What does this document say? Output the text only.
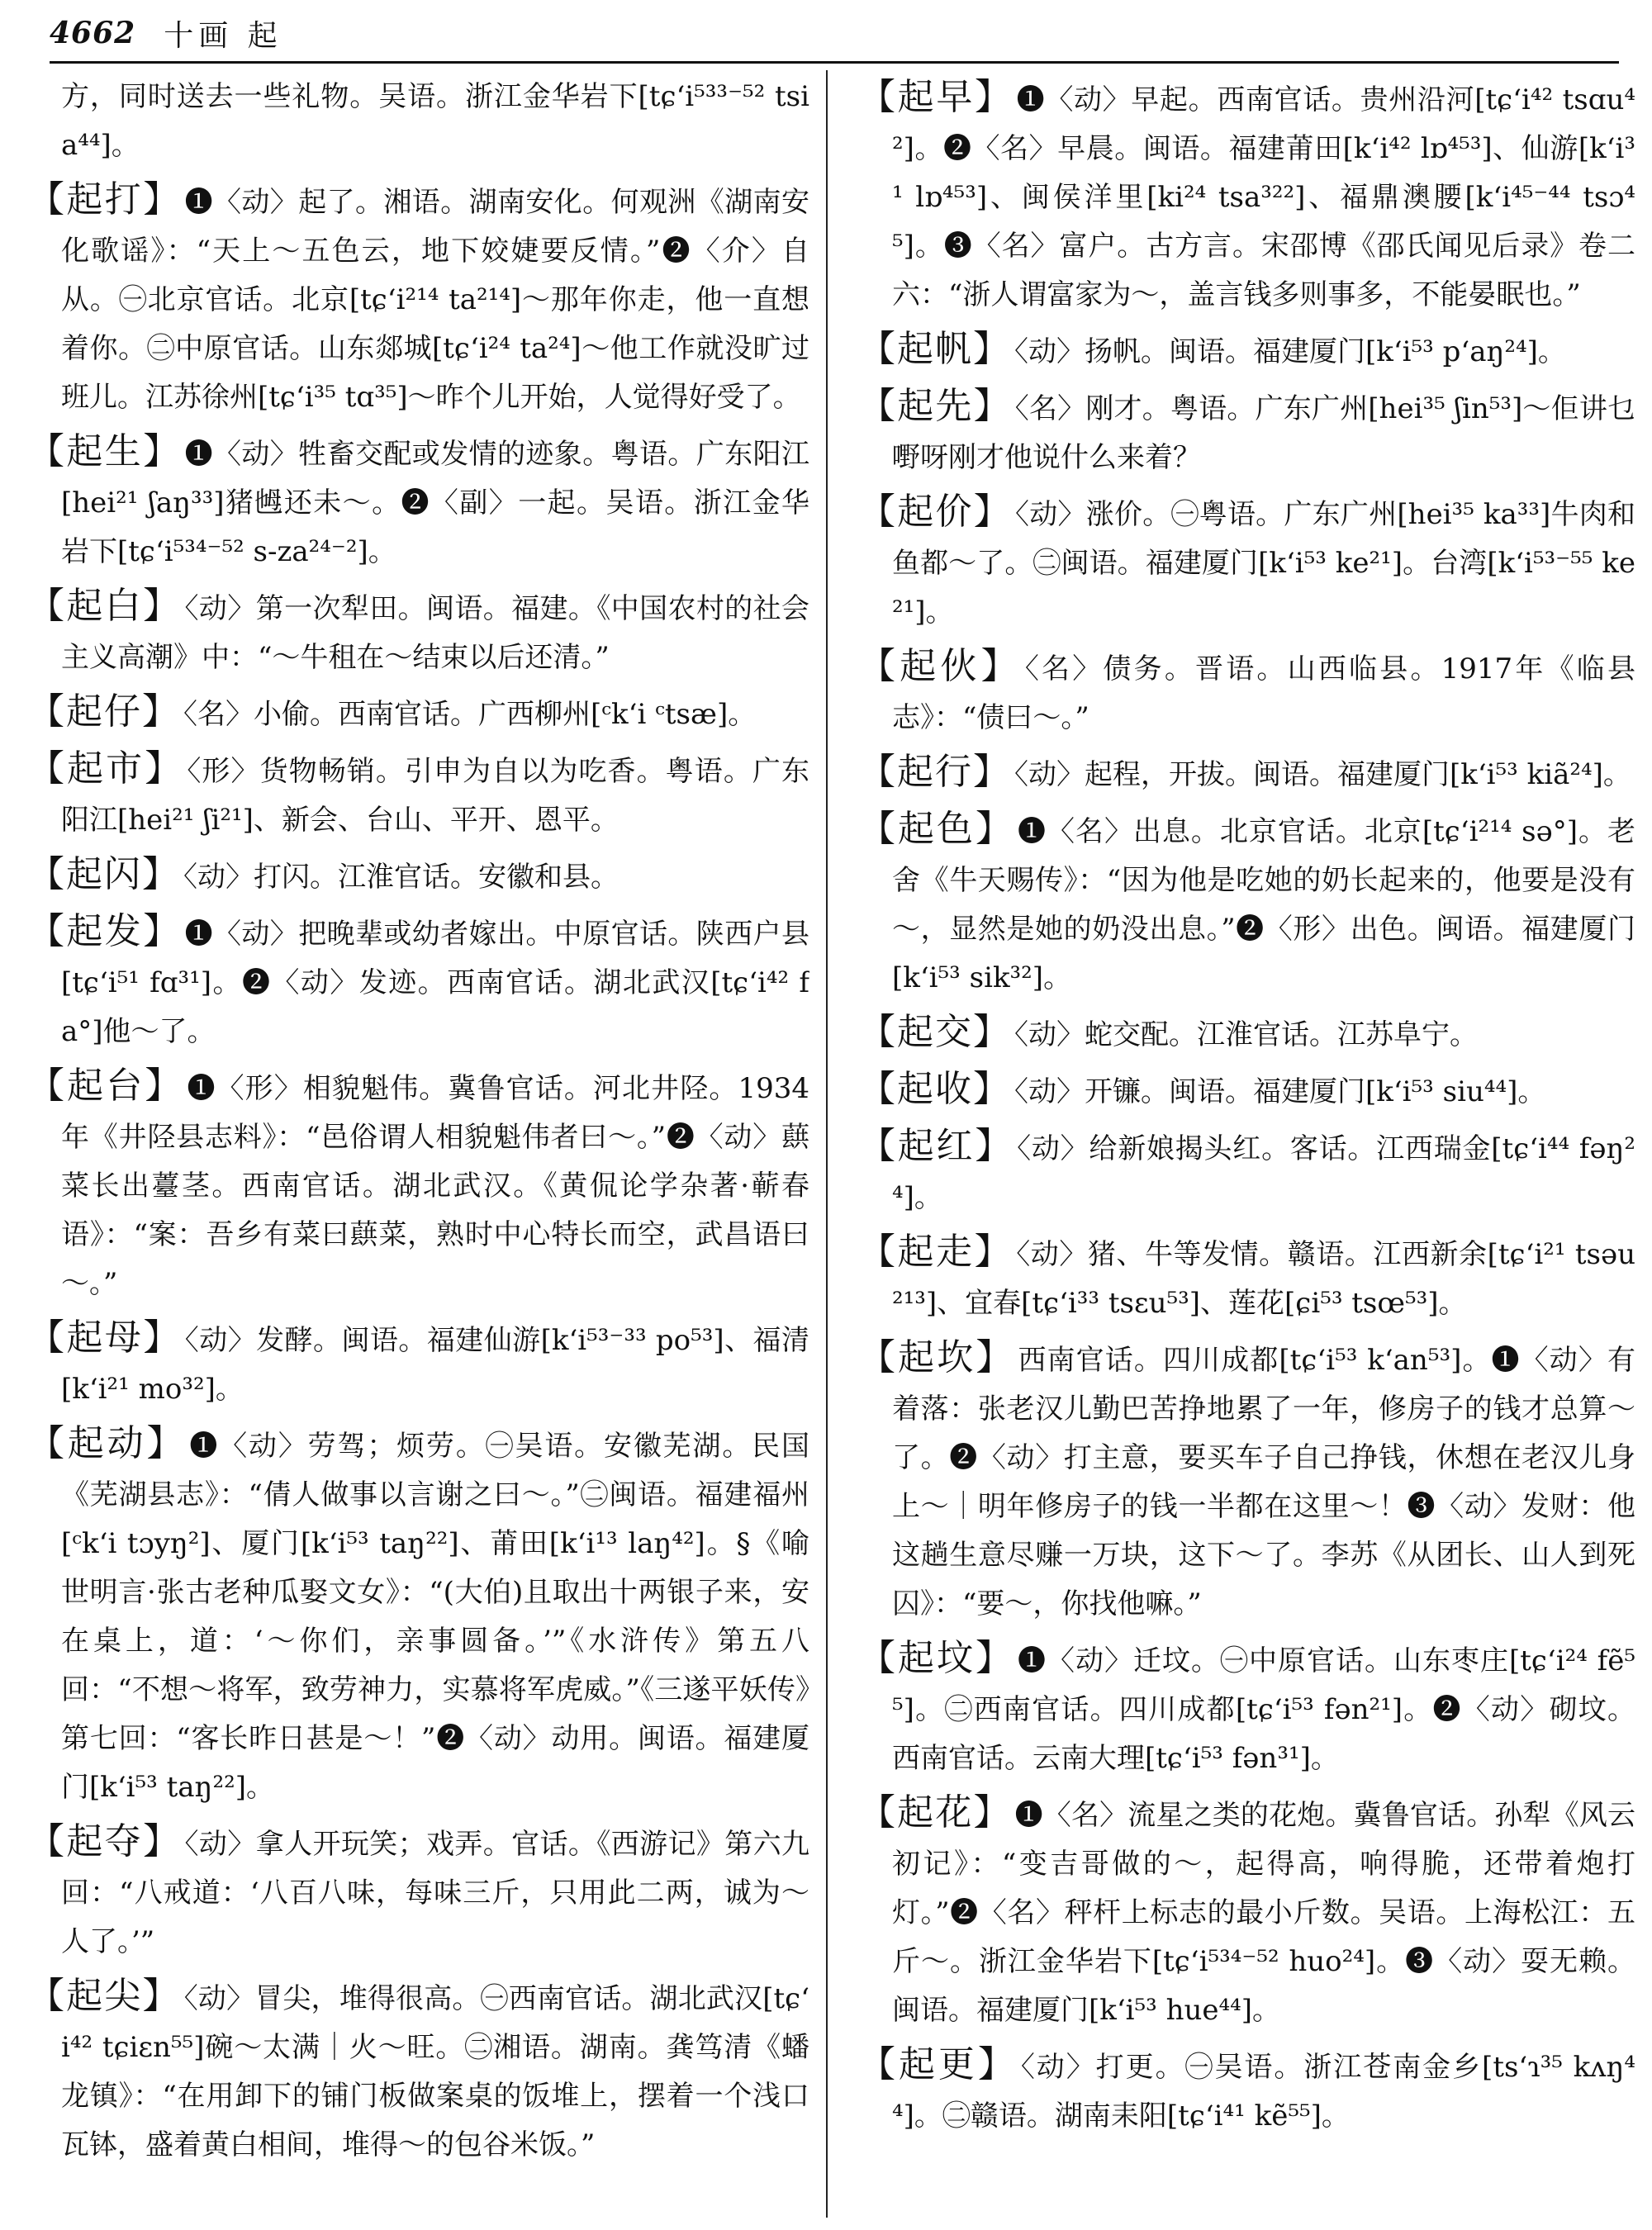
4662 十画 起

方，同时送去一些礼物。吴语。浙江金华岩下[tɕʻi⁵³³⁻⁵² tsia⁴⁴]。

【起打】 ❶〈动〉起了。湘语。湖南安化。何观洲《湖南安化歌谣》：“天上～五色云，地下姣婕要反情。”❷〈介〉自从。㊀北京官话。北京[tɕʻi²¹⁴ ta²¹⁴]～那年你走，他一直想着你。㊁中原官话。山东郯城[tɕʻi²⁴ ta²⁴]～他工作就没旷过班儿。江苏徐州[tɕʻi³⁵ tɑ³⁵]～昨个儿开始，人觉得好受了。

【起生】 ❶〈动〉牲畜交配或发情的迹象。粤语。广东阳江[hei²¹ ʃaŋ³³]猪乸还未～。❷〈副〉一起。吴语。浙江金华岩下[tɕʻi⁵³⁴⁻⁵² s-za²⁴⁻²]。

【起白】 〈动〉第一次犁田。闽语。福建。《中国农村的社会主义高潮》中：“～牛租在～结束以后还清。”

【起仔】 〈名〉小偷。西南官话。广西柳州[ᶜkʻi ᶜtsæ]。

【起市】 〈形〉货物畅销。引申为自以为吃香。粤语。广东阳江[hei²¹ ʃi²¹]、新会、台山、平开、恩平。

【起闪】 〈动〉打闪。江淮官话。安徽和县。

【起发】 ❶〈动〉把晚辈或幼者嫁出。中原官话。陕西户县[tɕʻi⁵¹ fɑ³¹]。❷〈动〉发迹。西南官话。湖北武汉[tɕʻi⁴² fa°]他～了。

【起台】 ❶〈形〉相貌魁伟。冀鲁官话。河北井陉。1934年《井陉县志料》：“邑俗谓人相貌魁伟者曰～。”❷〈动〉蕻菜长出薹茎。西南官话。湖北武汉。《黄侃论学杂著·蕲春语》：“案：吾乡有菜曰蕻菜，熟时中心特长而空，武昌语曰～。”

【起母】 〈动〉发酵。闽语。福建仙游[kʻi⁵³⁻³³ po⁵³]、福清[kʻi²¹ mo³²]。

【起动】 ❶〈动〉劳驾；烦劳。㊀吴语。安徽芜湖。民国《芜湖县志》：“倩人做事以言谢之曰～。”㊁闽语。福建福州[ᶜkʻi tɔyŋ²]、厦门[kʻi⁵³ taŋ²²]、莆田[kʻi¹³ laŋ⁴²]。§《喻世明言·张古老种瓜娶文女》：“(大伯)且取出十两银子来，安在桌上，道：‘～你们，亲事圆备。’”《水浒传》第五八回：“不想～将军，致劳神力，实慕将军虎威。”《三遂平妖传》第七回：“客长昨日甚是～！”❷〈动〉动用。闽语。福建厦门[kʻi⁵³ taŋ²²]。

【起夺】 〈动〉拿人开玩笑；戏弄。官话。《西游记》第六九回：“八戒道：‘八百八味，每味三斤，只用此二两，诚为～人了。’”

【起尖】 〈动〉冒尖，堆得很高。㊀西南官话。湖北武汉[tɕʻi⁴² tɕiɛn⁵⁵]碗～太满｜火～旺。㊁湘语。湖南。龚笃清《蟠龙镇》：“在用卸下的铺门板做案桌的饭堆上，摆着一个浅口瓦钵，盛着黄白相间，堆得～的包谷米饭。”

【起早】 ❶〈动〉早起。西南官话。贵州沿河[tɕʻi⁴² tsɑu⁴²]。❷〈名〉早晨。闽语。福建莆田[kʻi⁴² lɒ⁴⁵³]、仙游[kʻi³¹ lɒ⁴⁵³]、闽侯洋里[ki²⁴ tsa³²²]、福鼎澳腰[kʻi⁴⁵⁻⁴⁴ tsɔ⁴⁵]。❸〈名〉富户。古方言。宋邵博《邵氏闻见后录》卷二六：“浙人谓富家为～，盖言钱多则事多，不能晏眠也。”

【起帆】 〈动〉扬帆。闽语。福建厦门[kʻi⁵³ pʻaŋ²⁴]。

【起先】 〈名〉刚才。粤语。广东广州[hei³⁵ ʃin⁵³]～佢讲乜嘢呀刚才他说什么来着？

【起价】 〈动〉涨价。㊀粤语。广东广州[hei³⁵ ka³³]牛肉和鱼都～了。㊁闽语。福建厦门[kʻi⁵³ ke²¹]。台湾[kʻi⁵³⁻⁵⁵ ke²¹]。

【起伙】 〈名〉债务。晋语。山西临县。1917年《临县志》：“债曰～。”

【起行】 〈动〉起程，开拔。闽语。福建厦门[kʻi⁵³ kiã²⁴]。

【起色】 ❶〈名〉出息。北京官话。北京[tɕʻi²¹⁴ sə°]。老舍《牛天赐传》：“因为他是吃她的奶长起来的，他要是没有～，显然是她的奶没出息。”❷〈形〉出色。闽语。福建厦门[kʻi⁵³ sik³²]。

【起交】 〈动〉蛇交配。江淮官话。江苏阜宁。

【起收】 〈动〉开镰。闽语。福建厦门[kʻi⁵³ siu⁴⁴]。

【起红】 〈动〉给新娘揭头红。客话。江西瑞金[tɕʻi⁴⁴ fəŋ²⁴]。

【起走】 〈动〉猪、牛等发情。赣语。江西新余[tɕʻi²¹ tsəu²¹³]、宜春[tɕʻi³³ tsɛu⁵³]、莲花[ɕi⁵³ tsœ⁵³]。

【起坎】 西南官话。四川成都[tɕʻi⁵³ kʻan⁵³]。❶〈动〉有着落：张老汉儿勤巴苦挣地累了一年，修房子的钱才总算～了。❷〈动〉打主意，要买车子自己挣钱，休想在老汉儿身上～｜明年修房子的钱一半都在这里～！❸〈动〉发财：他这趟生意尽赚一万块，这下～了。李苏《从团长、山人到死囚》：“要～，你找他嘛。”

【起坟】 ❶〈动〉迁坟。㊀中原官话。山东枣庄[tɕʻi²⁴ fẽ⁵⁵]。㊁西南官话。四川成都[tɕʻi⁵³ fən²¹]。❷〈动〉砌坟。西南官话。云南大理[tɕʻi⁵³ fən³¹]。

【起花】 ❶〈名〉流星之类的花炮。冀鲁官话。孙犁《风云初记》：“变吉哥做的～，起得高，响得脆，还带着炮打灯。”❷〈名〉秤杆上标志的最小斤数。吴语。上海松江：五斤～。浙江金华岩下[tɕʻi⁵³⁴⁻⁵² huo²⁴]。❸〈动〉耍无赖。闽语。福建厦门[kʻi⁵³ hue⁴⁴]。

【起更】 〈动〉打更。㊀吴语。浙江苍南金乡[tsʻɿ³⁵ kʌŋ⁴⁴]。㊁赣语。湖南耒阳[tɕʻi⁴¹ kẽ⁵⁵]。
